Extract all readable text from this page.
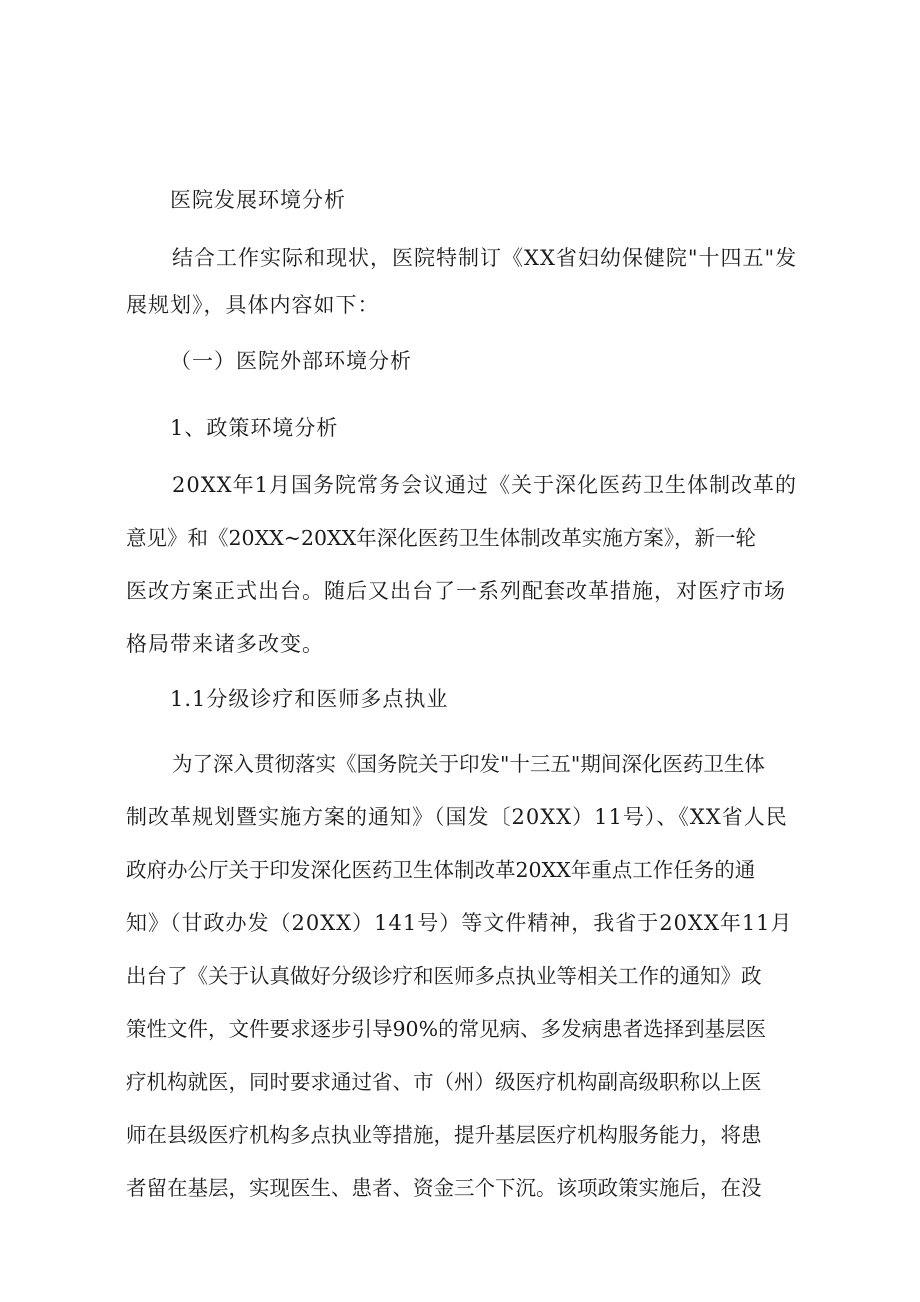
医院发展环境分析
结合工作实际和现状，医院特制订《XX省妇幼保健院"十四五"发
展规划》，具体内容如下：
（一）医院外部环境分析
1、政策环境分析
20XX年1月国务院常务会议通过《关于深化医药卫生体制改革的
意见》和《20XX~20XX年深化医药卫生体制改革实施方案》，新一轮
医改方案正式出台。随后又出台了一系列配套改革措施，对医疗市场
格局带来诸多改变。
1.1分级诊疗和医师多点执业
为了深入贯彻落实《国务院关于印发"十三五"期间深化医药卫生体
制改革规划暨实施方案的通知》（国发〔20XX）11号）、《XX省人民
政府办公厅关于印发深化医药卫生体制改革20XX年重点工作任务的通
知》（甘政办发（20XX）141号）等文件精神，我省于20XX年11月
出台了《关于认真做好分级诊疗和医师多点执业等相关工作的通知》政
策性文件，文件要求逐步引导90%的常见病、多发病患者选择到基层医
疗机构就医，同时要求通过省、市（州）级医疗机构副高级职称以上医
师在县级医疗机构多点执业等措施，提升基层医疗机构服务能力，将患
者留在基层，实现医生、患者、资金三个下沉。该项政策实施后，在没
